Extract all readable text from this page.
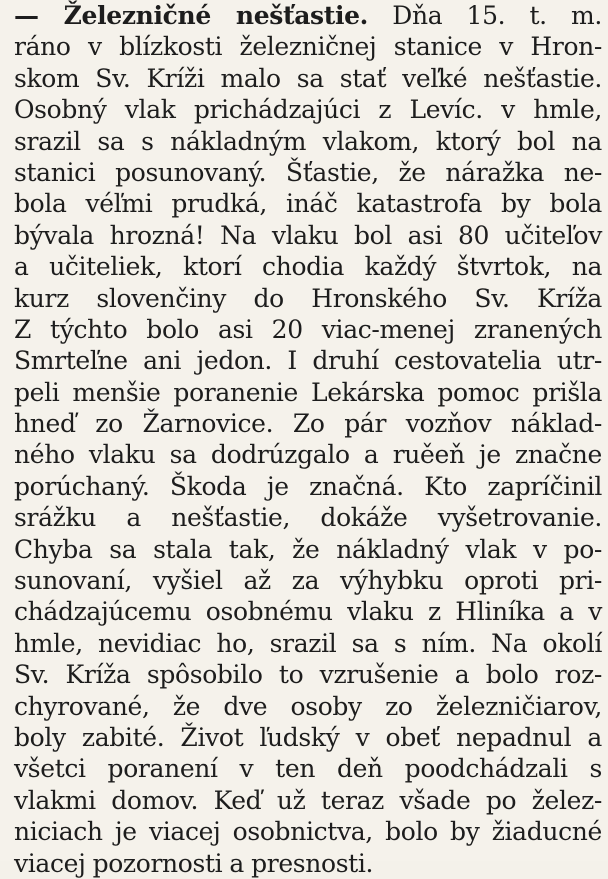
— Železničné nešťastie. Dňa 15. t. m.
ráno v blízkosti železničnej stanice v Hron-
skom Sv. Kríži malo sa stať veľké nešťastie.
Osobný vlak prichádzajúci z Levíc. v hmle,
srazil sa s nákladným vlakom, ktorý bol na
stanici posunovaný. Šťastie, že náražka ne-
bola véľmi prudká, ináč katastrofa by bola
bývala hrozná! Na vlaku bol asi 80 učiteľov
a učiteliek, ktorí chodia každý štvrtok, na
kurz slovenčiny do Hronského Sv. Kríža
Z týchto bolo asi 20 viac-menej zranených
Smrteľne ani jedon. I druhí cestovatelia utr-
peli menšie poranenie Lekárska pomoc prišla
hneď zo Žarnovice. Zo pár vozňov náklad-
ného vlaku sa dodrúzgalo a ruěeň je značne
porúchaný. Škoda je značná. Kto zapríčinil
srážku a nešťastie, dokáže vyšetrovanie.
Chyba sa stala tak, že nákladný vlak v po-
sunovaní, vyšiel až za výhybku oproti pri-
chádzajúcemu osobnému vlaku z Hliníka a v
hmle, nevidiac ho, srazil sa s ním. Na okolí
Sv. Kríža spôsobilo to vzrušenie a bolo roz-
chyrované, že dve osoby zo železničiarov,
boly zabité. Život ľudský v obeť nepadnul a
všetci poranení v ten deň poodchádzali s
vlakmi domov. Keď už teraz všade po želez-
niciach je viacej osobnictva, bolo by žiaducné
viacej pozornosti a presnosti.
